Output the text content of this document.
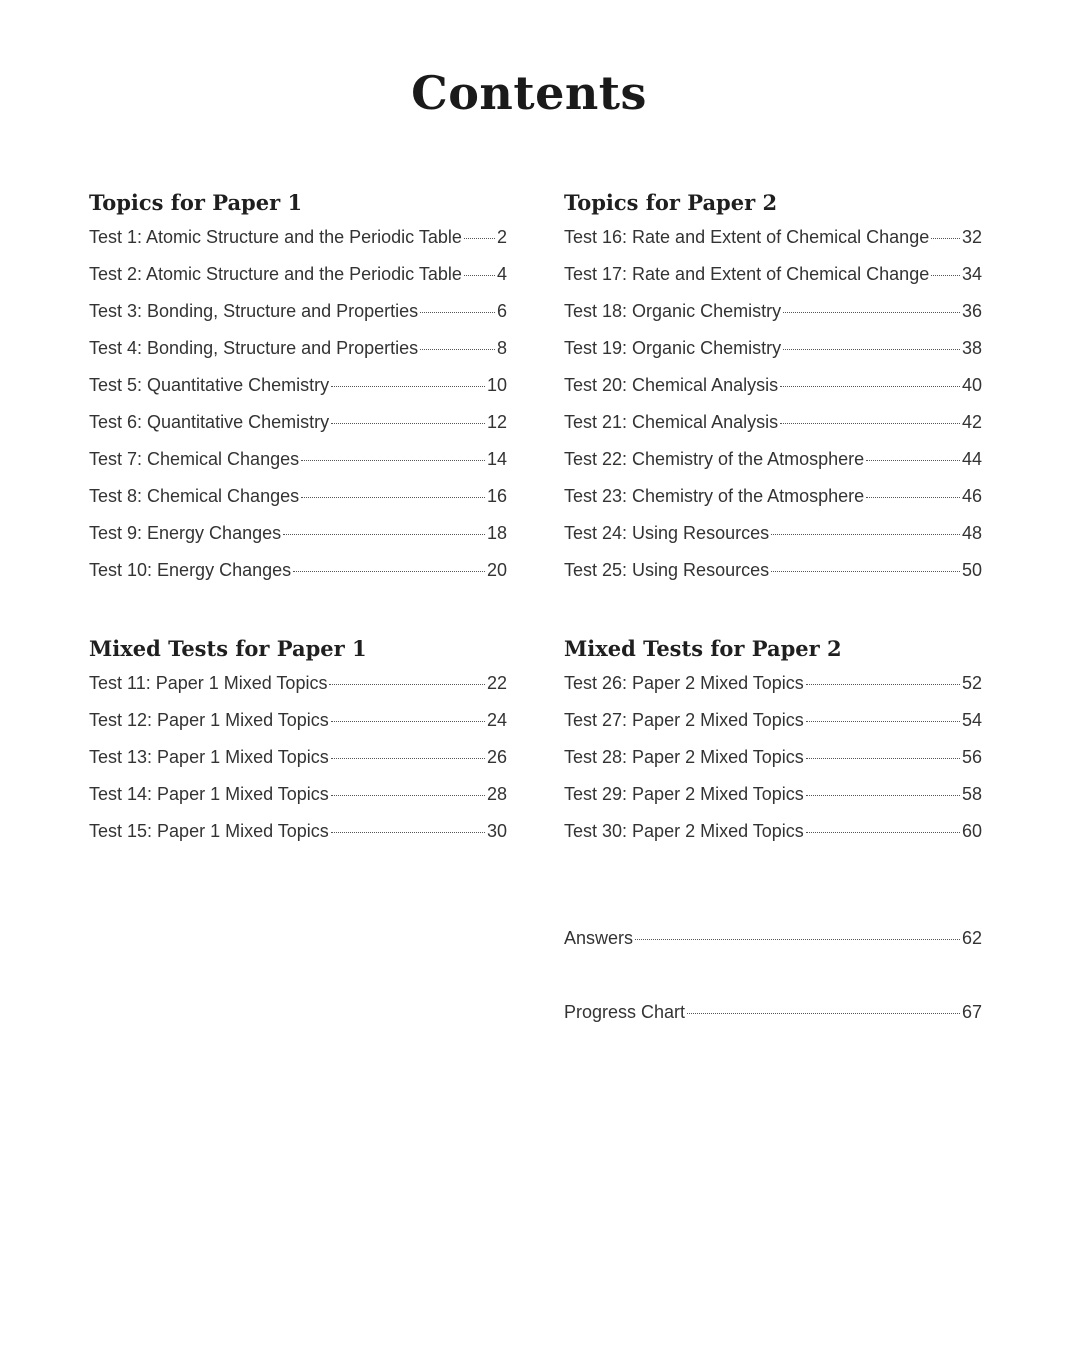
Contents
Topics for Paper 1
Test 1: Atomic Structure and the Periodic Table 2
Test 2: Atomic Structure and the Periodic Table 4
Test 3: Bonding, Structure and Properties	6
Test 4: Bonding, Structure and Properties	8
Test 5: Quantitative Chemistry	10
Test 6: Quantitative Chemistry	12
Test 7: Chemical Changes	14
Test 8: Chemical Changes	16
Test 9: Energy Changes	18
Test 10: Energy Changes	20
Topics for Paper 2
Test 16: Rate and Extent of Chemical Change 32
Test 17: Rate and Extent of Chemical Change 34
Test 18: Organic Chemistry	36
Test 19: Organic Chemistry	38
Test 20: Chemical Analysis	40
Test 21: Chemical Analysis	42
Test 22: Chemistry of the Atmosphere	44
Test 23: Chemistry of the Atmosphere	46
Test 24: Using Resources	48
Test 25: Using Resources	50
Mixed Tests for Paper 1
Test 11: Paper 1 Mixed Topics	22
Test 12: Paper 1 Mixed Topics	24
Test 13: Paper 1 Mixed Topics	26
Test 14: Paper 1 Mixed Topics	28
Test 15: Paper 1 Mixed Topics	30
Mixed Tests for Paper 2
Test 26: Paper 2 Mixed Topics	52
Test 27: Paper 2 Mixed Topics	54
Test 28: Paper 2 Mixed Topics	56
Test 29: Paper 2 Mixed Topics	58
Test 30: Paper 2 Mixed Topics	60
Answers	62
Progress Chart	67
